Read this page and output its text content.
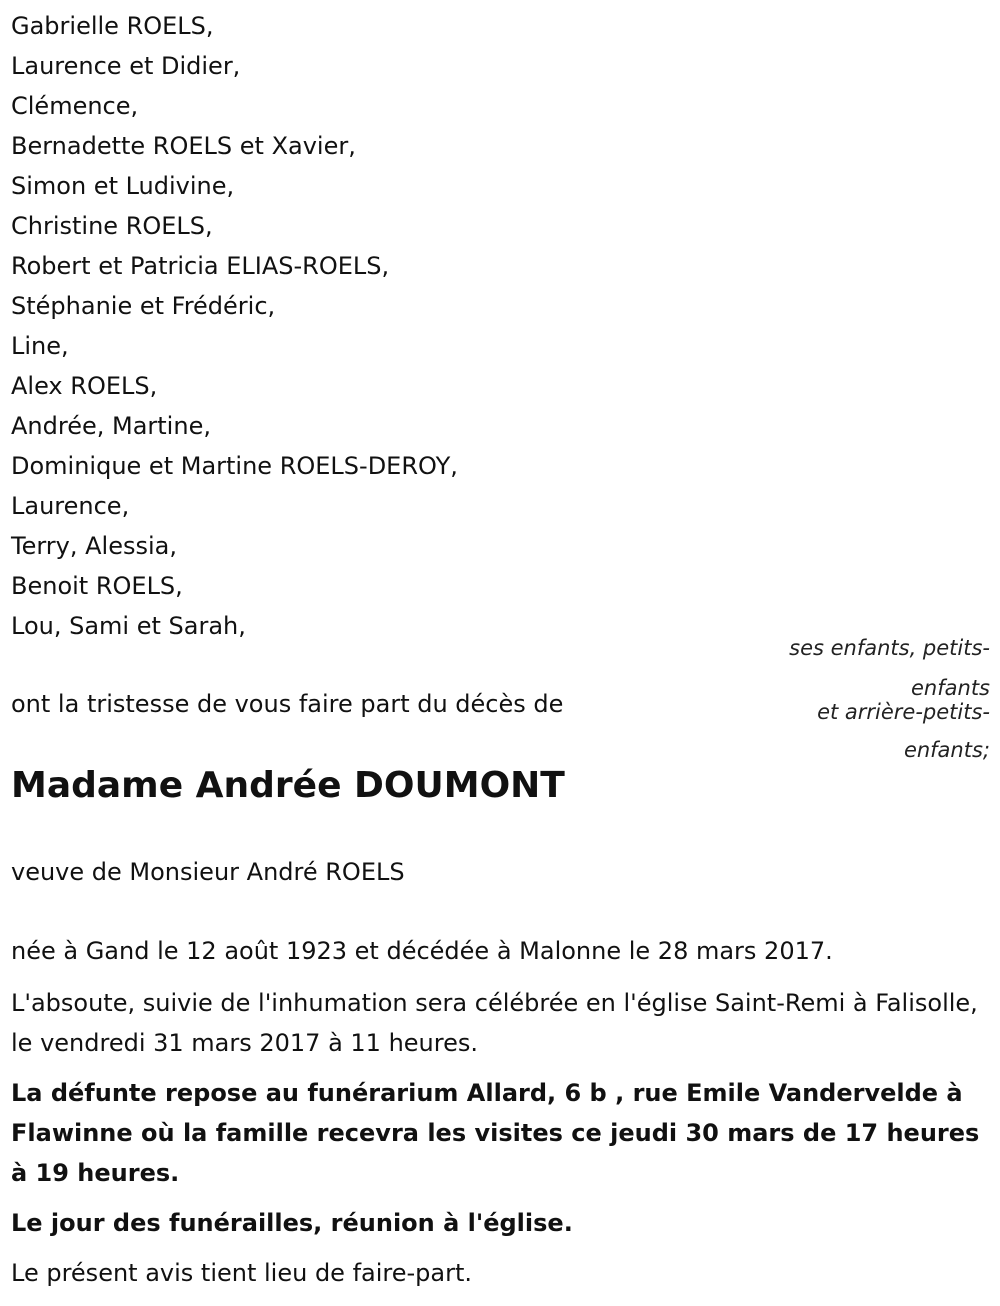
Gabrielle ROELS,
Laurence et Didier,
Clémence,
Bernadette ROELS et Xavier,
Simon et Ludivine,
Christine ROELS,
Robert et Patricia ELIAS-ROELS,
Stéphanie et Frédéric,
Line,
Alex ROELS,
Andrée, Martine,
Dominique et Martine ROELS-DEROY,
Laurence,
Terry, Alessia,
Benoit ROELS,
Lou, Sami et Sarah,
ses enfants, petits-
enfants
et arrière-petits-
enfants;
ont la tristesse de vous faire part du décès de
Madame Andrée DOUMONT
veuve de Monsieur André ROELS
née à Gand le 12 août 1923 et décédée à Malonne le 28 mars 2017.

L'absoute, suivie de l'inhumation sera célébrée en l'église Saint-Remi à Falisolle, le vendredi 31 mars 2017 à 11 heures.

La défunte repose au funérarium Allard, 6 b , rue Emile Vandervelde à Flawinne où la famille recevra les visites ce jeudi 30 mars de 17 heures à 19 heures.

Le jour des funérailles, réunion à l'église.

Le présent avis tient lieu de faire-part.
